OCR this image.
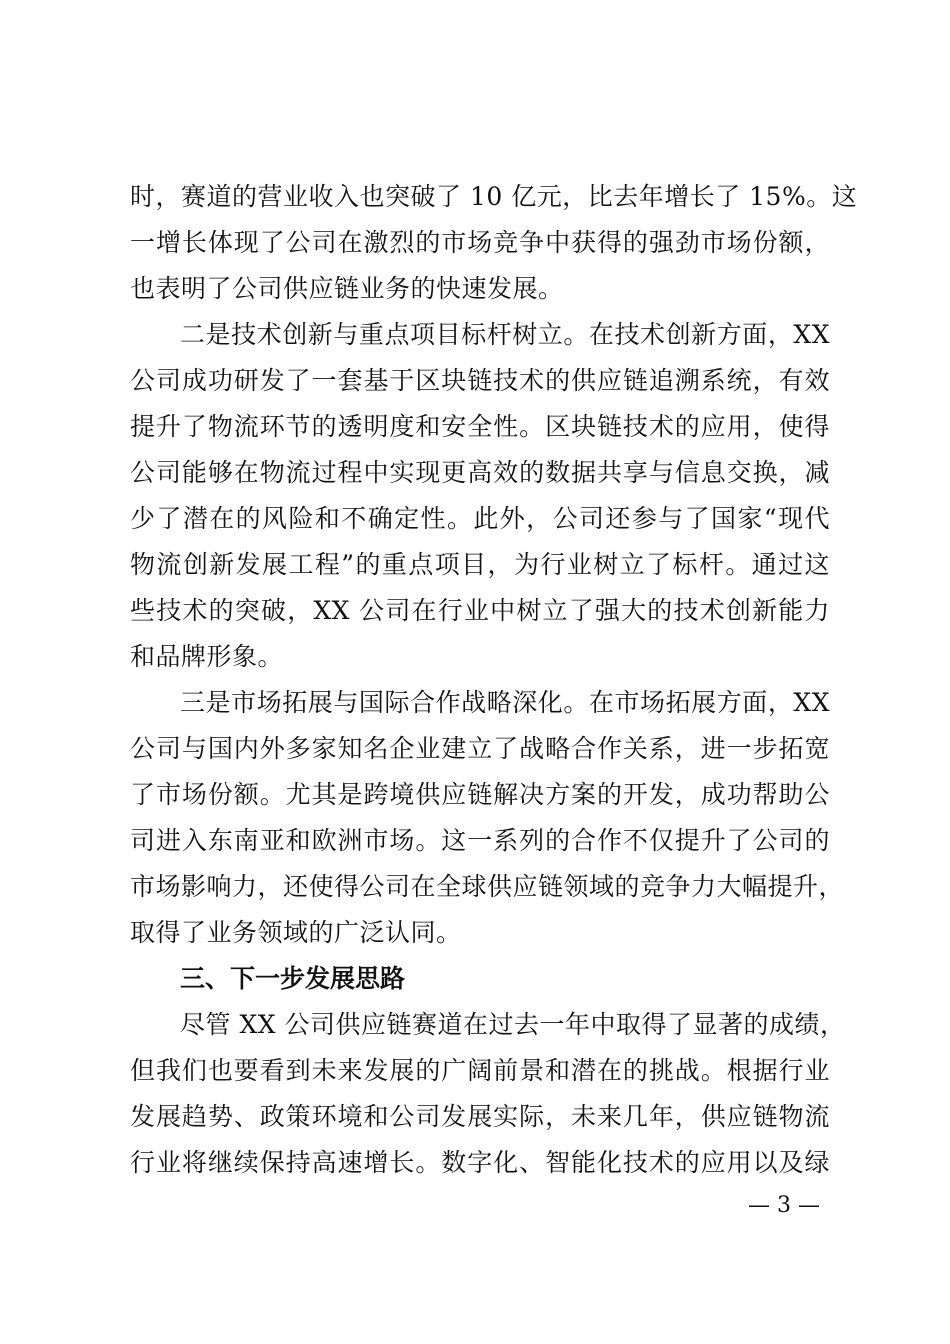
时，赛道的营业收入也突破了 10 亿元，比去年增长了 15%。这
一增长体现了公司在激烈的市场竞争中获得的强劲市场份额，
也表明了公司供应链业务的快速发展。
二是技术创新与重点项目标杆树立。在技术创新方面，XX
公司成功研发了一套基于区块链技术的供应链追溯系统，有效
提升了物流环节的透明度和安全性。区块链技术的应用，使得
公司能够在物流过程中实现更高效的数据共享与信息交换，减
少了潜在的风险和不确定性。此外，公司还参与了国家“现代
物流创新发展工程”的重点项目，为行业树立了标杆。通过这
些技术的突破，XX 公司在行业中树立了强大的技术创新能力
和品牌形象。
三是市场拓展与国际合作战略深化。在市场拓展方面，XX
公司与国内外多家知名企业建立了战略合作关系，进一步拓宽
了市场份额。尤其是跨境供应链解决方案的开发，成功帮助公
司进入东南亚和欧洲市场。这一系列的合作不仅提升了公司的
市场影响力，还使得公司在全球供应链领域的竞争力大幅提升，
取得了业务领域的广泛认同。
三、下一步发展思路
尽管 XX 公司供应链赛道在过去一年中取得了显著的成绩，
但我们也要看到未来发展的广阔前景和潜在的挑战。根据行业
发展趋势、政策环境和公司发展实际，未来几年，供应链物流
行业将继续保持高速增长。数字化、智能化技术的应用以及绿
— 3 —
